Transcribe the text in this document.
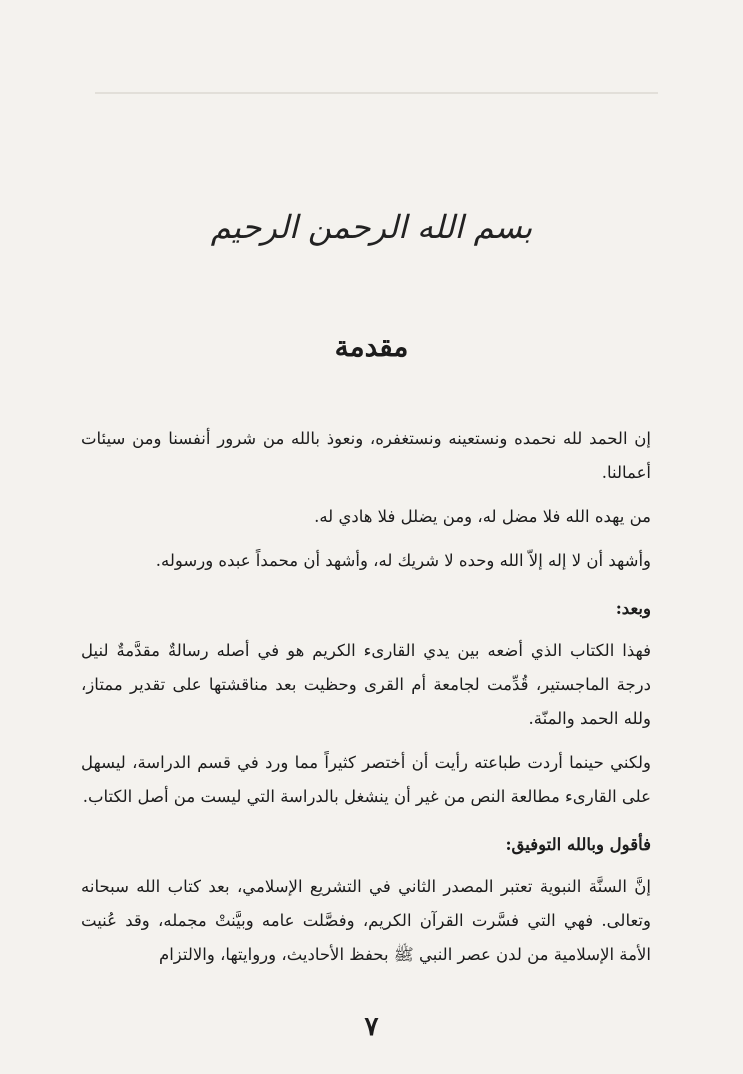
بسم الله الرحمن الرحيم
مقدمة

إن الحمد لله نحمده ونستعينه ونستغفره، ونعوذ بالله من شرور أنفسنا ومن سيئات أعمالنا.

من يهده الله فلا مضل له، ومن يضلل فلا هادي له.

وأشهد أن لا إله إلاّ الله وحده لا شريك له، وأشهد أن محمداً عبده ورسوله.

وبعد:

فهذا الكتاب الذي أضعه بين يدي القارىء الكريم هو في أصله رسالةٌ مقدَّمةٌ لنيل درجة الماجستير، قُدِّمت لجامعة أم القرى وحظيت بعد مناقشتها على تقدير ممتاز، ولله الحمد والمنّة.

ولكني حينما أردت طباعته رأيت أن أختصر كثيراً مما ورد في قسم الدراسة، ليسهل على القارىء مطالعة النص من غير أن ينشغل بالدراسة التي ليست من أصل الكتاب.

فأقول وبالله التوفيق:

إنَّ السنَّة النبوية تعتبر المصدر الثاني في التشريع الإسلامي، بعد كتاب الله سبحانه وتعالى. فهي التي فسَّرت القرآن الكريم، وفصَّلت عامه وبيَّنتْ مجمله، وقد عُنيت الأمة الإسلامية من لدن عصر النبي ﷺ بحفظ الأحاديث، وروايتها، والالتزام

٧
